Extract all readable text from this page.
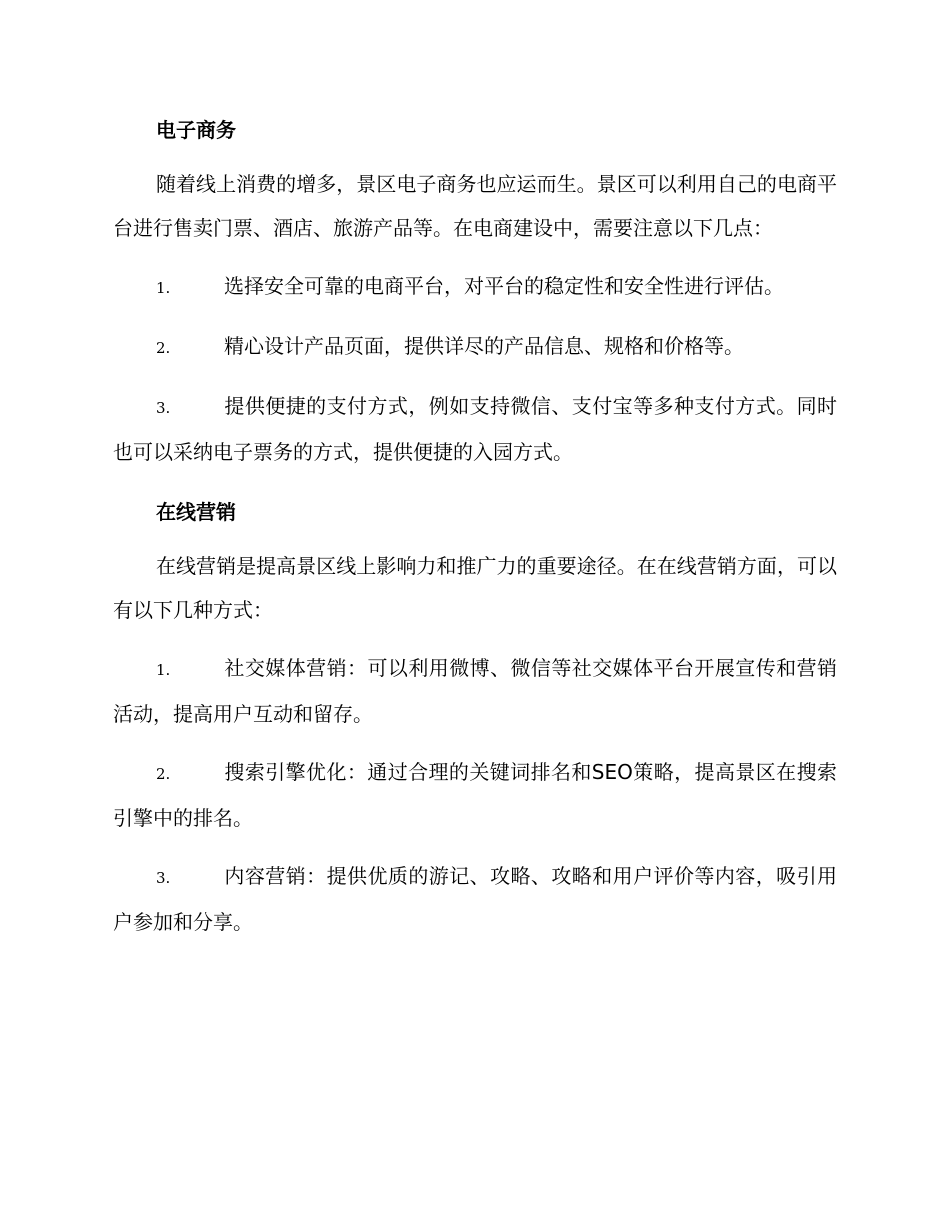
电子商务

随着线上消费的增多，景区电子商务也应运而生。景区可以利用自己的电商平台进行售卖门票、酒店、旅游产品等。在电商建设中，需要注意以下几点：

1.	选择安全可靠的电商平台，对平台的稳定性和安全性进行评估。

2.	精心设计产品页面，提供详尽的产品信息、规格和价格等。

3.	提供便捷的支付方式，例如支持微信、支付宝等多种支付方式。同时也可以采纳电子票务的方式，提供便捷的入园方式。

在线营销

在线营销是提高景区线上影响力和推广力的重要途径。在在线营销方面，可以有以下几种方式：

1.	社交媒体营销：可以利用微博、微信等社交媒体平台开展宣传和营销活动，提高用户互动和留存。

2.	搜索引擎优化：通过合理的关键词排名和SEO策略，提高景区在搜索引擎中的排名。

3.	内容营销：提供优质的游记、攻略、攻略和用户评价等内容，吸引用户参加和分享。
